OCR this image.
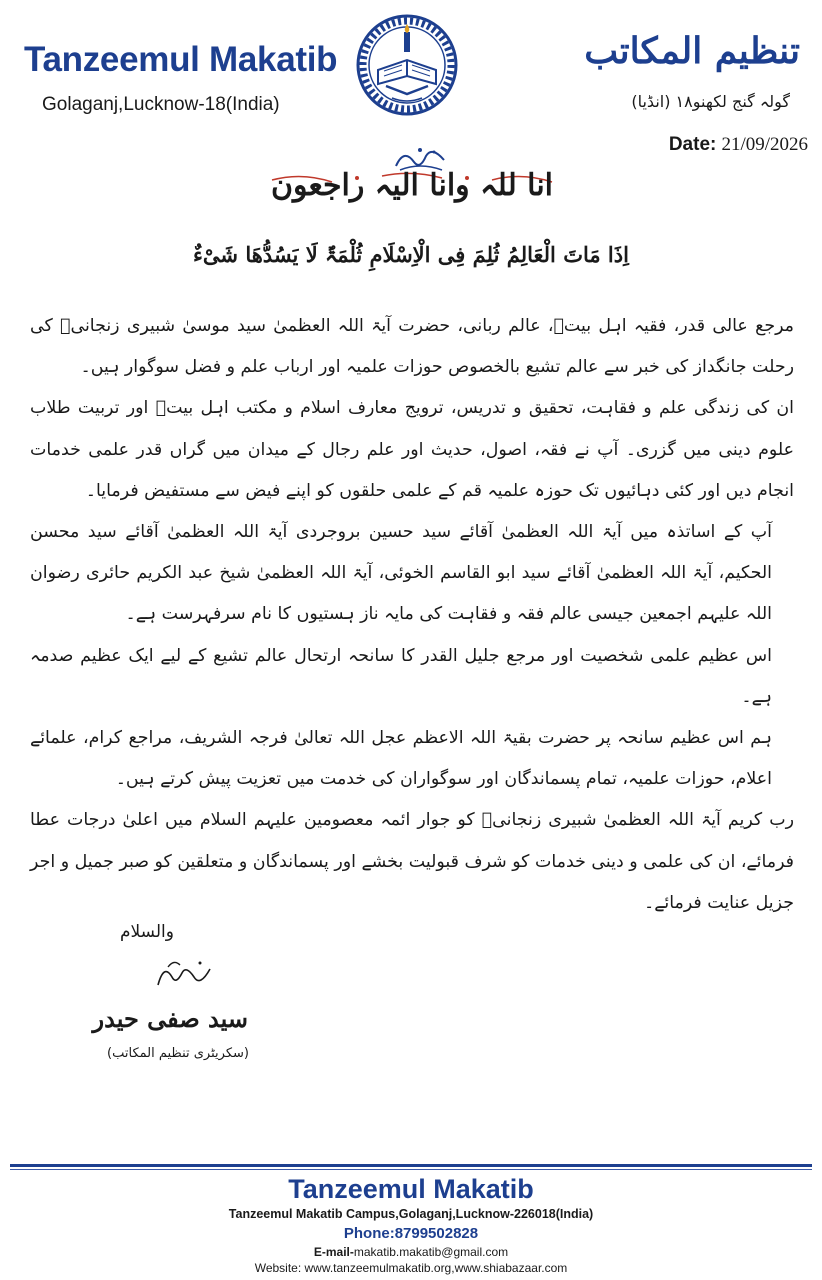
Tanzeemul Makatib
Golaganj,Lucknow-18(India)
تنظیم المکاتب
گولہ گنج لکھنو۱۸ (انڈیا)
Date: 21/09/2026
انا للہ وانا الیہ راجعون
اِذَا مَاتَ الْعَالِمُ ثُلِمَ فِی الْاِسْلَامِ ثُلْمَۃٌ لَا یَسُدُّھَا شَیْءٌ

مرجع عالی قدر، فقیہ اہل بیتؑ، عالم ربانی، حضرت آیۃ اللہ العظمیٰ سید موسیٰ شبیری زنجانیؒ کی رحلت جانگداز کی خبر سے عالم تشیع بالخصوص حوزات علمیہ اور ارباب علم و فضل سوگوار ہیں۔

ان کی زندگی علم و فقاہت، تحقیق و تدریس، ترویج معارف اسلام و مکتب اہل بیتؑ اور تربیت طلاب علوم دینی میں گزری۔ آپ نے فقہ، اصول، حدیث اور علم رجال کے میدان میں گراں قدر علمی خدمات انجام دیں اور کئی دہائیوں تک حوزہ علمیہ قم کے علمی حلقوں کو اپنے فیض سے مستفیض فرمایا۔

آپ کے اساتذہ میں آیۃ اللہ العظمیٰ آقائے سید حسین بروجردی آیۃ اللہ العظمیٰ آقائے سید محسن الحکیم، آیۃ اللہ العظمیٰ آقائے سید ابو القاسم الخوئی، آیۃ اللہ العظمیٰ شیخ عبد الکریم حائری رضوان اللہ علیہم اجمعین جیسی عالم فقہ و فقاہت کی مایہ ناز ہستیوں کا نام سرفہرست ہے۔

اس عظیم علمی شخصیت اور مرجع جلیل القدر کا سانحہ ارتحال عالم تشیع کے لیے ایک عظیم صدمہ ہے۔

ہم اس عظیم سانحہ پر حضرت بقیۃ اللہ الاعظم عجل اللہ تعالیٰ فرجہ الشریف، مراجع کرام، علمائے اعلام، حوزات علمیہ، تمام پسماندگان اور سوگواران کی خدمت میں تعزیت پیش کرتے ہیں۔

رب کریم آیۃ اللہ العظمیٰ شبیری زنجانیؒ کو جوار ائمہ معصومین علیہم السلام میں اعلیٰ درجات عطا فرمائے، ان کی علمی و دینی خدمات کو شرف قبولیت بخشے اور پسماندگان و متعلقین کو صبر جمیل و اجر جزیل عنایت فرمائے۔

والسلام
سید صفی حیدر
(سکریٹری تنظیم المکاتب)
Tanzeemul Makatib
Tanzeemul Makatib Campus,Golaganj,Lucknow-226018(India)
Phone:8799502828
E-mail-makatib.makatib@gmail.com
Website: www.tanzeemulmakatib.org,www.shiabazaar.com
